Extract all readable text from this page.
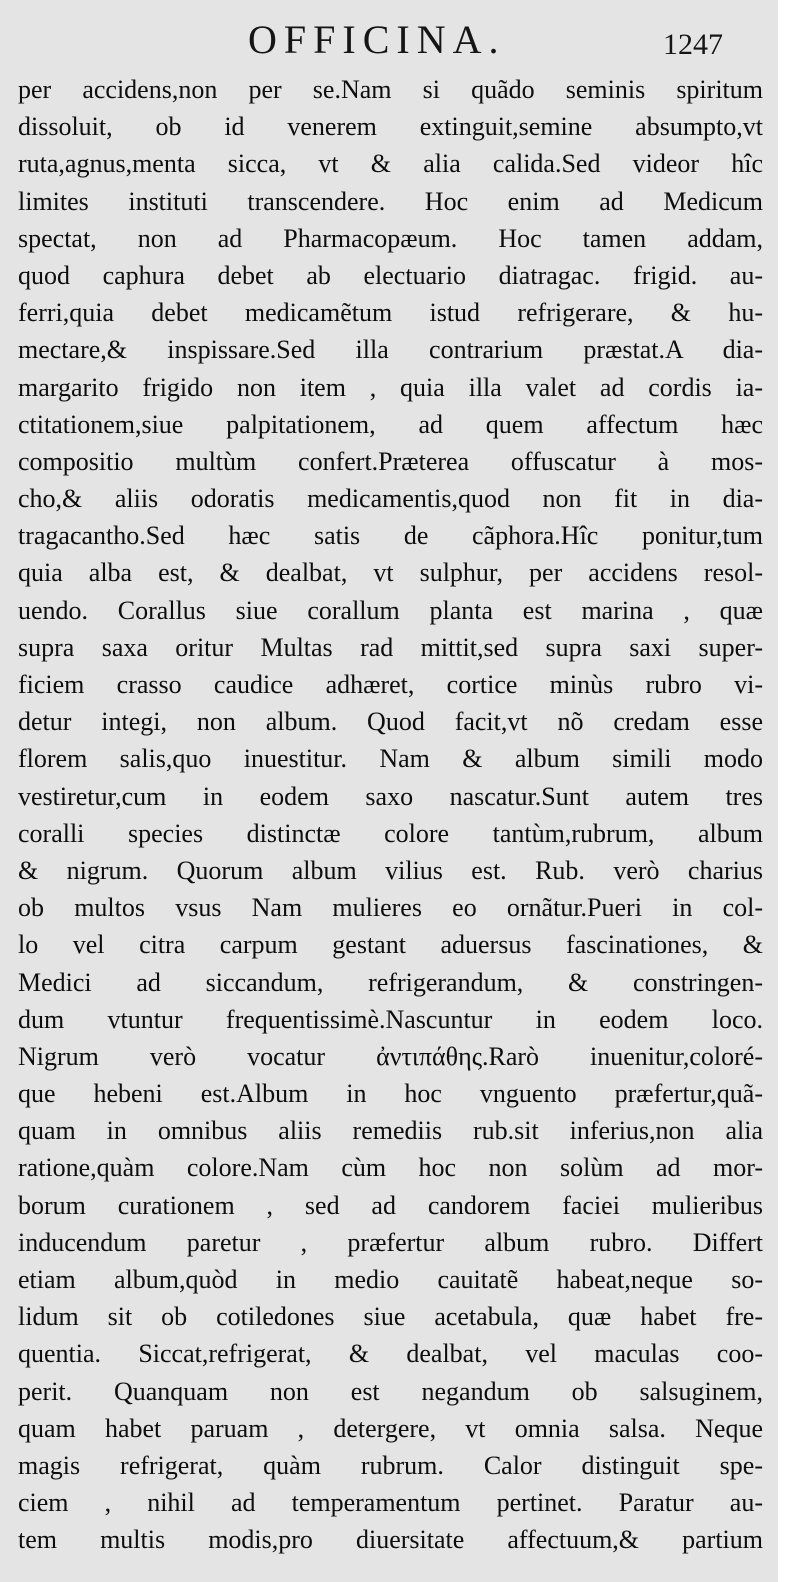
OFFICINA.	1247
per accidens,non per se.Nam si quãdo seminis spiritum
dissoluit, ob id venerem extinguit,semine absumpto,vt
ruta,agnus,menta sicca, vt & alia calida.Sed videor hîc
limites instituti transcendere. Hoc enim ad Medicum
spectat, non ad Pharmacopæum. Hoc tamen addam,
quod caphura debet ab electuario diatragac. frigid. au-
ferri,quia debet medicamẽtum istud refrigerare, & hu-
mectare,& inspissare.Sed illa contrarium præstat.A dia-
margarito frigido non item , quia illa valet ad cordis ia-
ctitationem,siue palpitationem, ad quem affectum hæc
compositio multùm confert.Præterea offuscatur à mos-
cho,& aliis odoratis medicamentis,quod non fit in dia-
tragacantho.Sed hæc satis de cãphora.Hîc ponitur,tum
quia alba est, & dealbat, vt sulphur, per accidens resol-
uendo. Corallus siue corallum planta est marina , quæ
supra saxa oritur Multas rad mittit,sed supra saxi super-
ficiem crasso caudice adhæret, cortice minùs rubro vi-
detur integi, non album. Quod facit,vt nõ credam esse
florem salis,quo inuestitur. Nam & album simili modo
vestiretur,cum in eodem saxo nascatur.Sunt autem tres
coralli species distinctæ colore tantùm,rubrum, album
& nigrum. Quorum album vilius est. Rub. verò charius
ob multos vsus Nam mulieres eo ornãtur.Pueri in col-
lo vel citra carpum gestant aduersus fascinationes, &
Medici ad siccandum, refrigerandum, & constringen-
dum vtuntur frequentissimè.Nascuntur in eodem loco.
Nigrum verò vocatur ἀντιπάθης.Rarò inuenitur,coloré-
que hebeni est.Album in hoc vnguento præfertur,quã-
quam in omnibus aliis remediis rub.sit inferius,non alia
ratione,quàm colore.Nam cùm hoc non solùm ad mor-
borum curationem , sed ad candorem faciei mulieribus
inducendum paretur , præfertur album rubro. Differt
etiam album,quòd in medio cauitatẽ habeat,neque so-
lidum sit ob cotiledones siue acetabula, quæ habet fre-
quentia. Siccat,refrigerat, & dealbat, vel maculas coo-
perit. Quanquam non est negandum ob salsuginem,
quam habet paruam , detergere, vt omnia salsa. Neque
magis refrigerat, quàm rubrum. Calor distinguit spe-
ciem , nihil ad temperamentum pertinet. Paratur au-
tem multis modis,pro diuersitate affectuum,& partium
